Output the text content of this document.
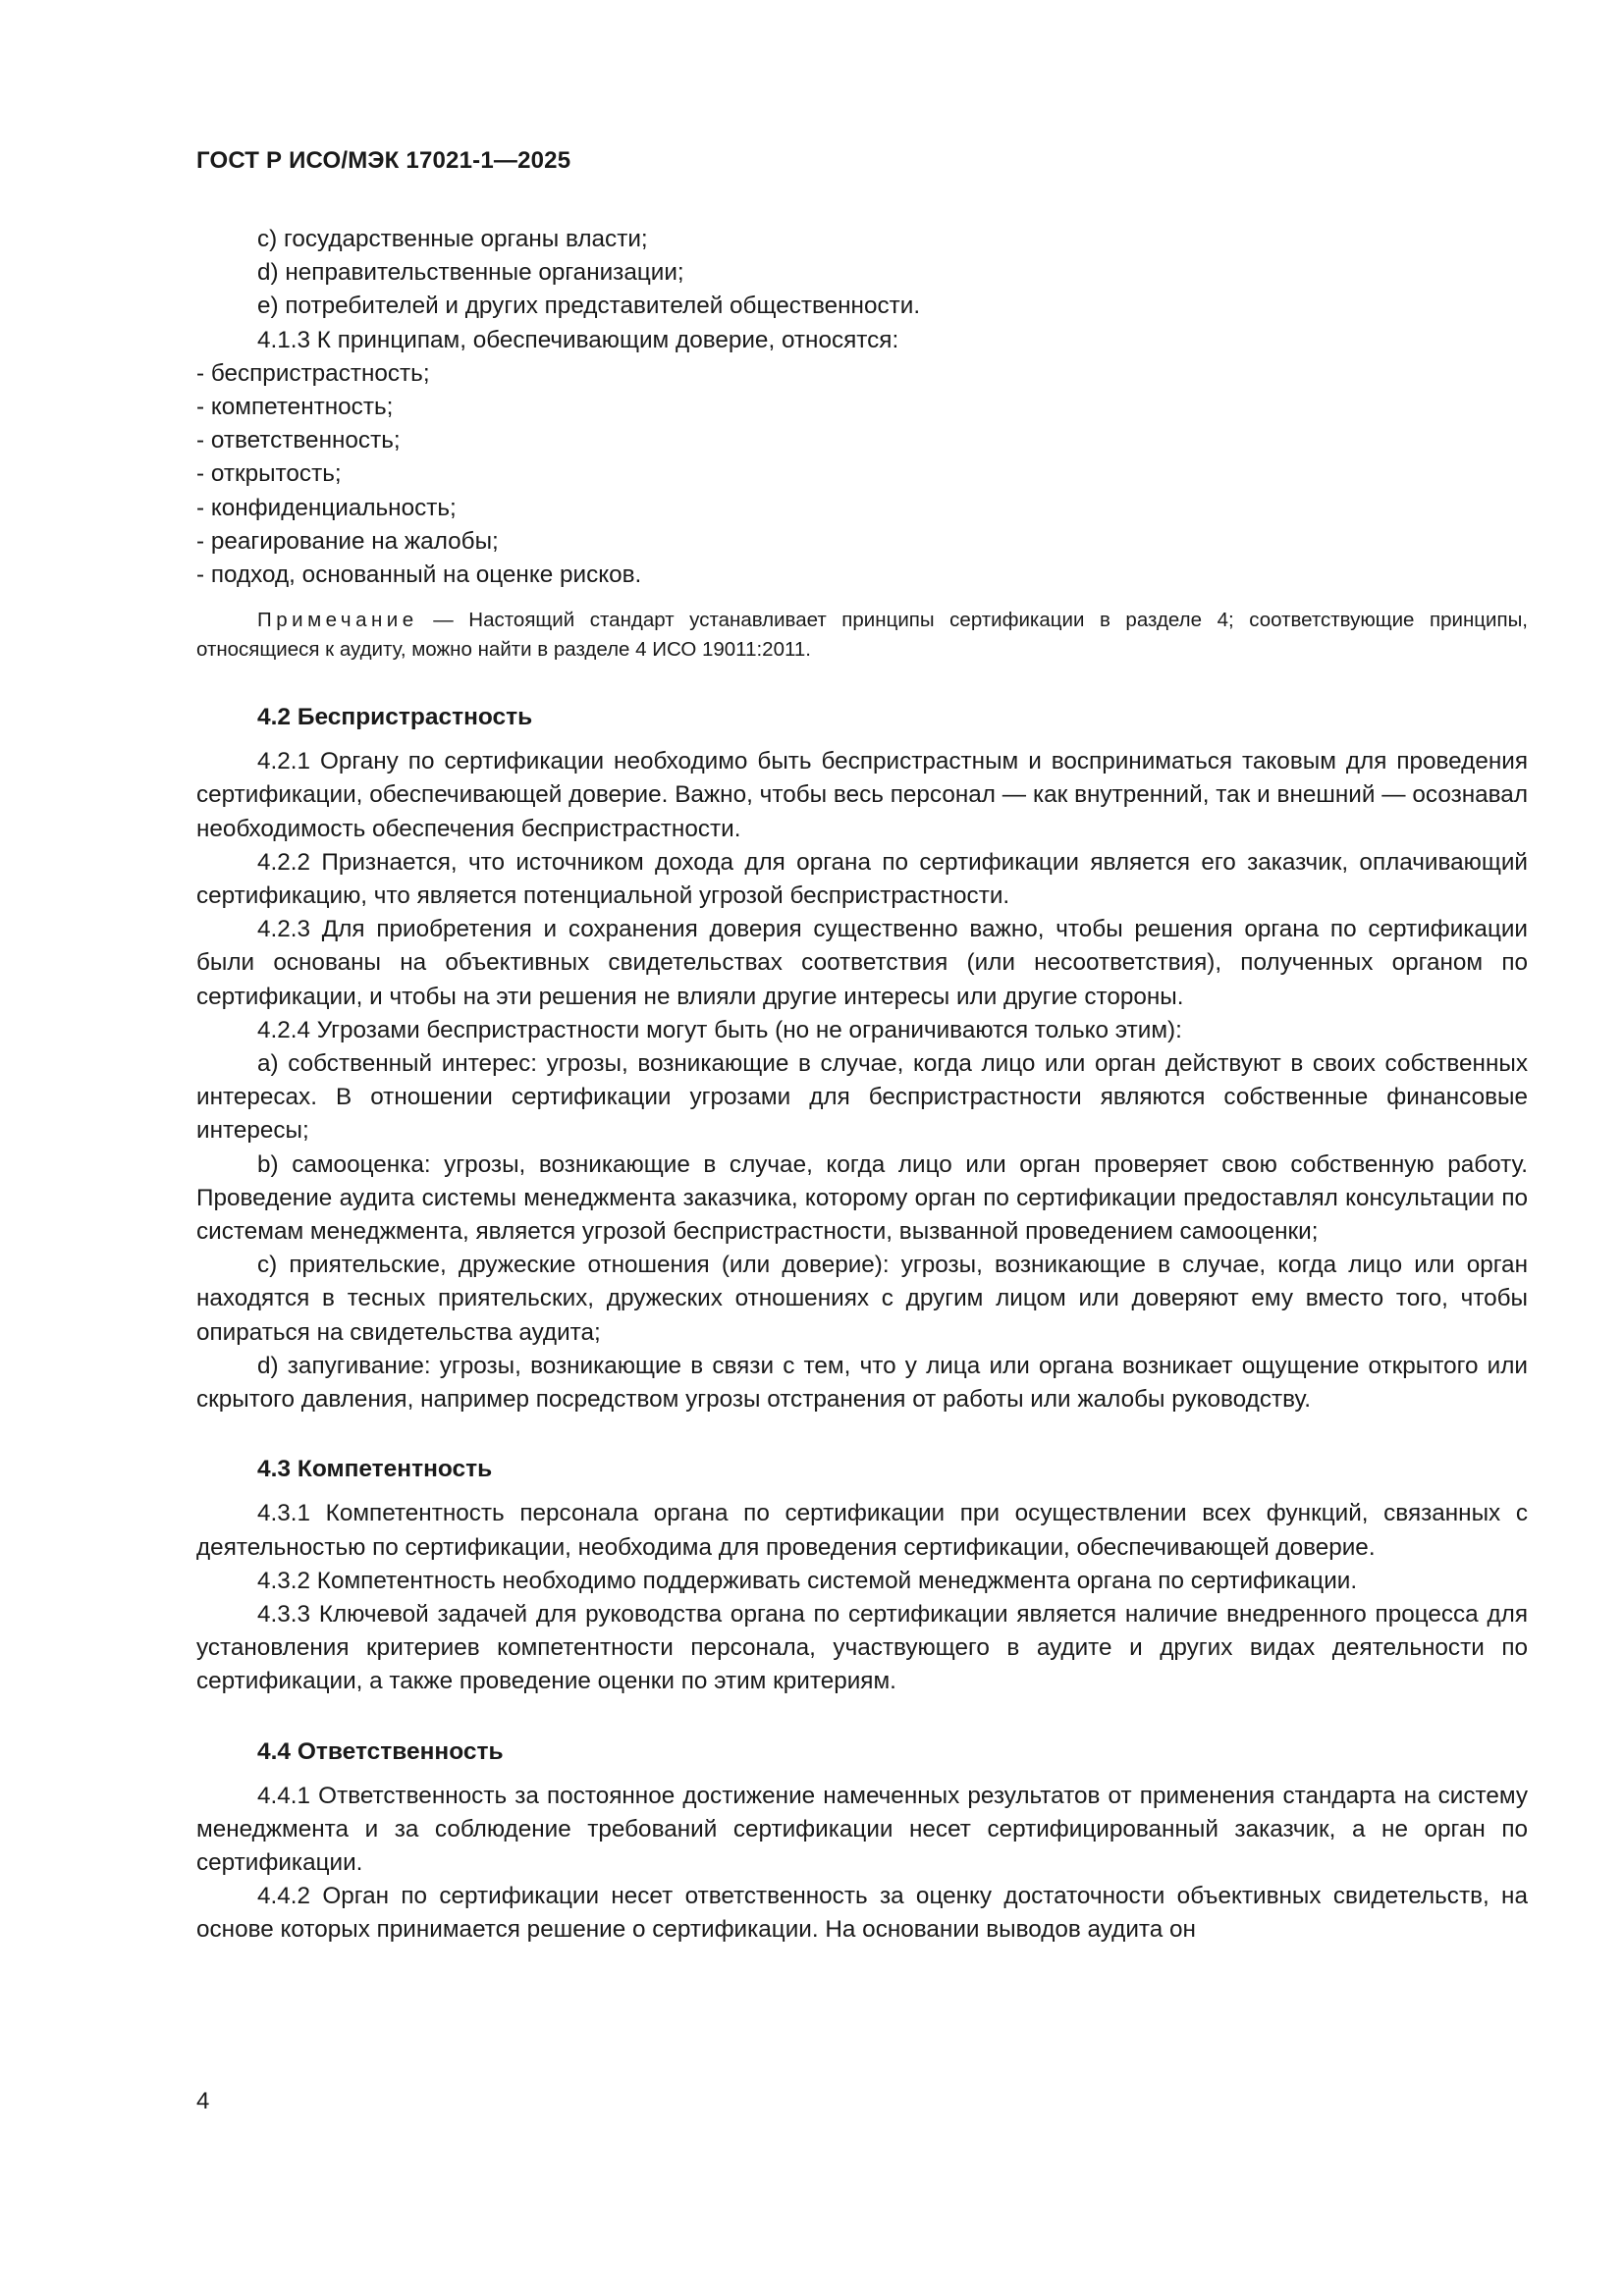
ГОСТ Р ИСО/МЭК 17021-1—2025

c) государственные органы власти;

d) неправительственные организации;

e) потребителей и других представителей общественности.

4.1.3 К принципам, обеспечивающим доверие, относятся:

- беспристрастность;

- компетентность;

- ответственность;

- открытость;

- конфиденциальность;

- реагирование на жалобы;

- подход, основанный на оценке рисков.

Примечание — Настоящий стандарт устанавливает принципы сертификации в разделе 4; соответствующие принципы, относящиеся к аудиту, можно найти в разделе 4 ИСО 19011:2011.

4.2 Беспристрастность

4.2.1 Органу по сертификации необходимо быть беспристрастным и восприниматься таковым для проведения сертификации, обеспечивающей доверие. Важно, чтобы весь персонал — как внутренний, так и внешний — осознавал необходимость обеспечения беспристрастности.

4.2.2 Признается, что источником дохода для органа по сертификации является его заказчик, оплачивающий сертификацию, что является потенциальной угрозой беспристрастности.

4.2.3 Для приобретения и сохранения доверия существенно важно, чтобы решения органа по сертификации были основаны на объективных свидетельствах соответствия (или несоответствия), полученных органом по сертификации, и чтобы на эти решения не влияли другие интересы или другие стороны.

4.2.4 Угрозами беспристрастности могут быть (но не ограничиваются только этим):

a) собственный интерес: угрозы, возникающие в случае, когда лицо или орган действуют в своих собственных интересах. В отношении сертификации угрозами для беспристрастности являются собственные финансовые интересы;

b) самооценка: угрозы, возникающие в случае, когда лицо или орган проверяет свою собственную работу. Проведение аудита системы менеджмента заказчика, которому орган по сертификации предоставлял консультации по системам менеджмента, является угрозой беспристрастности, вызванной проведением самооценки;

c) приятельские, дружеские отношения (или доверие): угрозы, возникающие в случае, когда лицо или орган находятся в тесных приятельских, дружеских отношениях с другим лицом или доверяют ему вместо того, чтобы опираться на свидетельства аудита;

d) запугивание: угрозы, возникающие в связи с тем, что у лица или органа возникает ощущение открытого или скрытого давления, например посредством угрозы отстранения от работы или жалобы руководству.

4.3 Компетентность

4.3.1 Компетентность персонала органа по сертификации при осуществлении всех функций, связанных с деятельностью по сертификации, необходима для проведения сертификации, обеспечивающей доверие.

4.3.2 Компетентность необходимо поддерживать системой менеджмента органа по сертификации.

4.3.3 Ключевой задачей для руководства органа по сертификации является наличие внедренного процесса для установления критериев компетентности персонала, участвующего в аудите и других видах деятельности по сертификации, а также проведение оценки по этим критериям.

4.4 Ответственность

4.4.1 Ответственность за постоянное достижение намеченных результатов от применения стандарта на систему менеджмента и за соблюдение требований сертификации несет сертифицированный заказчик, а не орган по сертификации.

4.4.2 Орган по сертификации несет ответственность за оценку достаточности объективных свидетельств, на основе которых принимается решение о сертификации. На основании выводов аудита он

4
